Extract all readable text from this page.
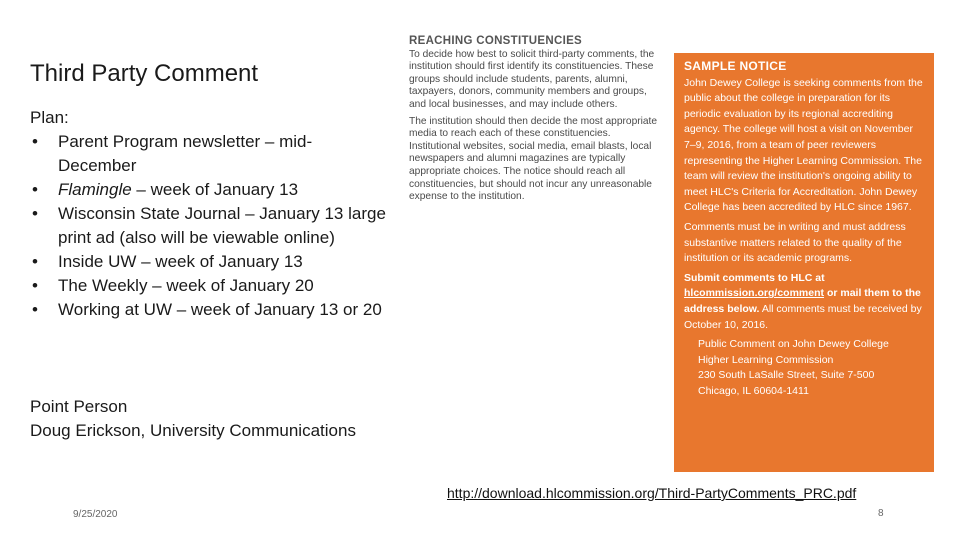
Third Party Comment
Plan:
• Parent Program newsletter – mid-December
• Flamingle – week of January 13
• Wisconsin State Journal – January 13 large print ad (also will be viewable online)
• Inside UW – week of January 13
• The Weekly – week of January 20
• Working at UW – week of January 13 or 20
Point Person
Doug Erickson, University Communications
REACHING CONSTITUENCIES

To decide how best to solicit third-party comments, the institution should first identify its constituencies. These groups should include students, parents, alumni, taxpayers, donors, community members and groups, and local businesses, and may include others.

The institution should then decide the most appropriate media to reach each of these constituencies. Institutional websites, social media, email blasts, local newspapers and alumni magazines are typically appropriate choices. The notice should reach all constituencies, but should not incur any unreasonable expense to the institution.

SAMPLE NOTICE

John Dewey College is seeking comments from the public about the college in preparation for its periodic evaluation by its regional accrediting agency. The college will host a visit on November 7–9, 2016, from a team of peer reviewers representing the Higher Learning Commission. The team will review the institution's ongoing ability to meet HLC's Criteria for Accreditation. John Dewey College has been accredited by HLC since 1967.

Comments must be in writing and must address substantive matters related to the quality of the institution or its academic programs.

Submit comments to HLC at hlcommission.org/comment or mail them to the address below. All comments must be received by October 10, 2016.

Public Comment on John Dewey College
Higher Learning Commission
230 South LaSalle Street, Suite 7-500
Chicago, IL 60604-1411
http://download.hlcommission.org/Third-PartyComments_PRC.pdf
9/25/2020	8
